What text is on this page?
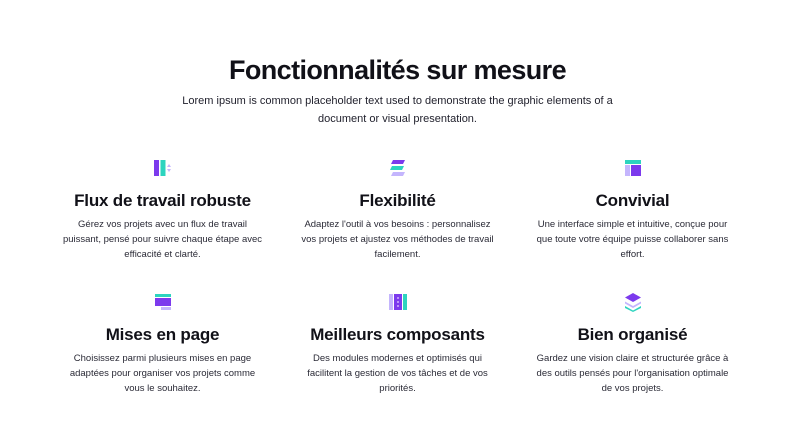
Fonctionnalités sur mesure

Lorem ipsum is common placeholder text used to demonstrate the graphic elements of a document or visual presentation.

Flux de travail robuste

Gérez vos projets avec un flux de travail puissant, pensé pour suivre chaque étape avec efficacité et clarté.

Flexibilité

Adaptez l'outil à vos besoins : personnalisez vos projets et ajustez vos méthodes de travail facilement.

Convivial

Une interface simple et intuitive, conçue pour que toute votre équipe puisse collaborer sans effort.

Mises en page

Choisissez parmi plusieurs mises en page adaptées pour organiser vos projets comme vous le souhaitez.

Meilleurs composants

Des modules modernes et optimisés qui facilitent la gestion de vos tâches et de vos priorités.

Bien organisé

Gardez une vision claire et structurée grâce à des outils pensés pour l'organisation optimale de vos projets.
